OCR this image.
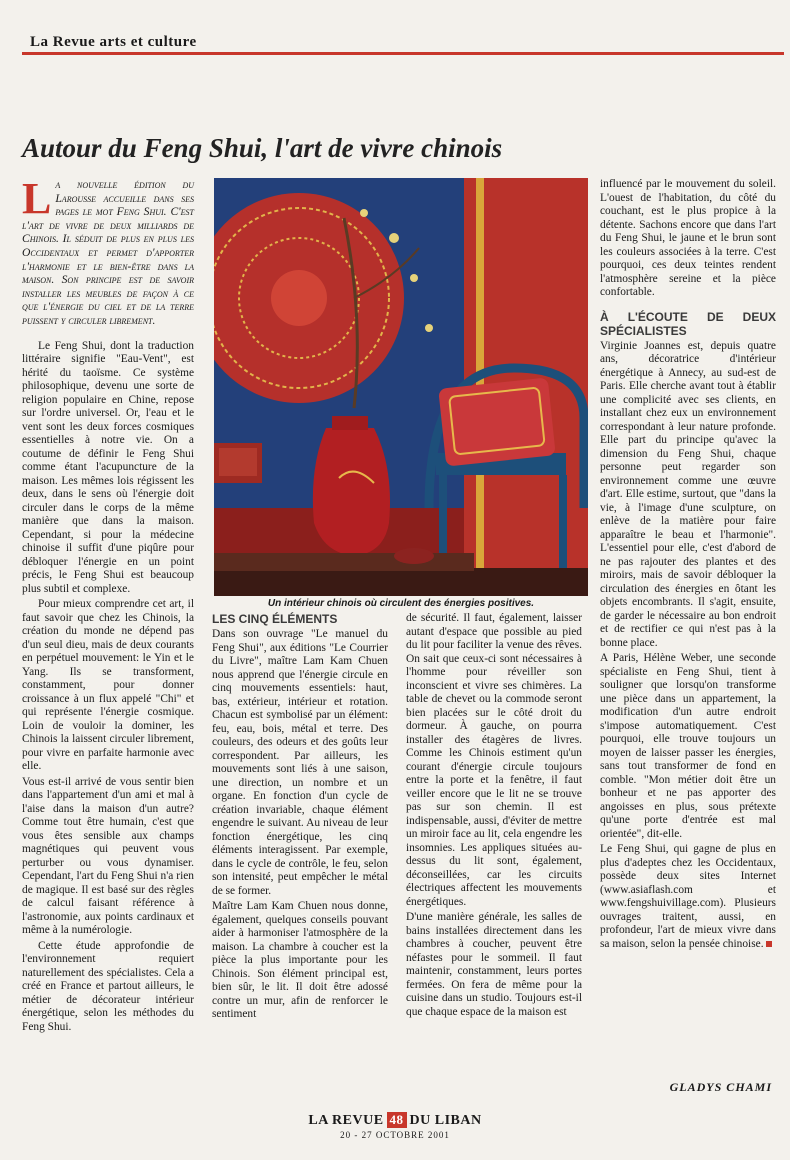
La Revue arts et culture
Autour du Feng Shui, l'art de vivre chinois

La nouvelle édition du Larousse accueille dans ses pages le mot Feng Shui. C'est l'art de vivre de deux milliards de Chinois. Il séduit de plus en plus les Occidentaux et permet d'apporter l'harmonie et le bien-être dans la maison. Son principe est de savoir installer les meubles de façon à ce que l'énergie du ciel et de la terre puissent y circuler librement.

Le Feng Shui, dont la traduction littéraire signifie "Eau-Vent", est hérité du taoïsme. Ce système philosophique, devenu une sorte de religion populaire en Chine, repose sur l'ordre universel. Or, l'eau et le vent sont les deux forces cosmiques essentielles à notre vie. On a coutume de définir le Feng Shui comme étant l'acupuncture de la maison. Les mêmes lois régissent les deux, dans le sens où l'énergie doit circuler dans le corps de la même manière que dans la maison. Cependant, si pour la médecine chinoise il suffit d'une piqûre pour débloquer l'énergie en un point précis, le Feng Shui est beaucoup plus subtil et complexe.

Pour mieux comprendre cet art, il faut savoir que chez les Chinois, la création du monde ne dépend pas d'un seul dieu, mais de deux courants en perpétuel mouvement: le Yin et le Yang. Ils se transforment, constamment, pour donner croissance à un flux appelé "Chi" et qui représente l'énergie cosmique. Loin de vouloir la dominer, les Chinois la laissent circuler librement, pour vivre en parfaite harmonie avec elle.

Vous est-il arrivé de vous sentir bien dans l'appartement d'un ami et mal à l'aise dans la maison d'un autre? Comme tout être humain, c'est que vous êtes sensible aux champs magnétiques qui peuvent vous perturber ou vous dynamiser. Cependant, l'art du Feng Shui n'a rien de magique. Il est basé sur des règles de calcul faisant référence à l'astronomie, aux points cardinaux et même à la numérologie.

Cette étude approfondie de l'environnement requiert naturellement des spécialistes. Cela a créé en France et partout ailleurs, le métier de décorateur intérieur énergétique, selon les méthodes du Feng Shui.

Un intérieur chinois où circulent des énergies positives.
LES CINQ ÉLÉMENTS

Dans son ouvrage "Le manuel du Feng Shui", aux éditions "Le Courrier du Livre", maître Lam Kam Chuen nous apprend que l'énergie circule en cinq mouvements essentiels: haut, bas, extérieur, intérieur et rotation. Chacun est symbolisé par un élément: feu, eau, bois, métal et terre. Des couleurs, des odeurs et des goûts leur correspondent. Par ailleurs, les mouvements sont liés à une saison, une direction, un nombre et un organe. En fonction d'un cycle de création invariable, chaque élément engendre le suivant. Au niveau de leur fonction énergétique, les cinq éléments interagissent. Par exemple, dans le cycle de contrôle, le feu, selon son intensité, peut empêcher le métal de se former.

Maître Lam Kam Chuen nous donne, également, quelques conseils pouvant aider à harmoniser l'atmosphère de la maison. La chambre à coucher est la pièce la plus importante pour les Chinois. Son élément principal est, bien sûr, le lit. Il doit être adossé contre un mur, afin de renforcer le sentiment

de sécurité. Il faut, également, laisser autant d'espace que possible au pied du lit pour faciliter la venue des rêves. On sait que ceux-ci sont nécessaires à l'homme pour réveiller son inconscient et vivre ses chimères. La table de chevet ou la commode seront bien placées sur le côté droit du dormeur. À gauche, on pourra installer des étagères de livres. Comme les Chinois estiment qu'un courant d'énergie circule toujours entre la porte et la fenêtre, il faut veiller encore que le lit ne se trouve pas sur son chemin. Il est indispensable, aussi, d'éviter de mettre un miroir face au lit, cela engendre les insomnies. Les appliques situées au-dessus du lit sont, également, déconseillées, car les circuits électriques affectent les mouvements énergétiques.

D'une manière générale, les salles de bains installées directement dans les chambres à coucher, peuvent être néfastes pour le sommeil. Il faut maintenir, constamment, leurs portes fermées. On fera de même pour la cuisine dans un studio. Toujours est-il que chaque espace de la maison est

influencé par le mouvement du soleil. L'ouest de l'habitation, du côté du couchant, est le plus propice à la détente. Sachons encore que dans l'art du Feng Shui, le jaune et le brun sont les couleurs associées à la terre. C'est pourquoi, ces deux teintes rendent l'atmosphère sereine et la pièce confortable.

À L'ÉCOUTE DE DEUX SPÉCIALISTES

Virginie Joannes est, depuis quatre ans, décoratrice d'intérieur énergétique à Annecy, au sud-est de Paris. Elle cherche avant tout à établir une complicité avec ses clients, en installant chez eux un environnement correspondant à leur nature profonde. Elle part du principe qu'avec la dimension du Feng Shui, chaque personne peut regarder son environnement comme une œuvre d'art. Elle estime, surtout, que "dans la vie, à l'image d'une sculpture, on enlève de la matière pour faire apparaître le beau et l'harmonie". L'essentiel pour elle, c'est d'abord de ne pas rajouter des plantes et des miroirs, mais de savoir débloquer la circulation des énergies en ôtant les objets encombrants. Il s'agit, ensuite, de garder le nécessaire au bon endroit et de rectifier ce qui n'est pas à la bonne place.

A Paris, Hélène Weber, une seconde spécialiste en Feng Shui, tient à souligner que lorsqu'on transforme une pièce dans un appartement, la modification d'un autre endroit s'impose automatiquement. C'est pourquoi, elle trouve toujours un moyen de laisser passer les énergies, sans tout transformer de fond en comble. "Mon métier doit être un bonheur et ne pas apporter des angoisses en plus, sous prétexte qu'une porte d'entrée est mal orientée", dit-elle.

Le Feng Shui, qui gagne de plus en plus d'adeptes chez les Occidentaux, possède deux sites Internet (www.asiaflash.com et www.fengshuivillage.com). Plusieurs ouvrages traitent, aussi, en profondeur, l'art de mieux vivre dans sa maison, selon la pensée chinoise.

GLADYS CHAMI
LA REVUE 48 DU LIBAN
20 - 27 OCTOBRE 2001
